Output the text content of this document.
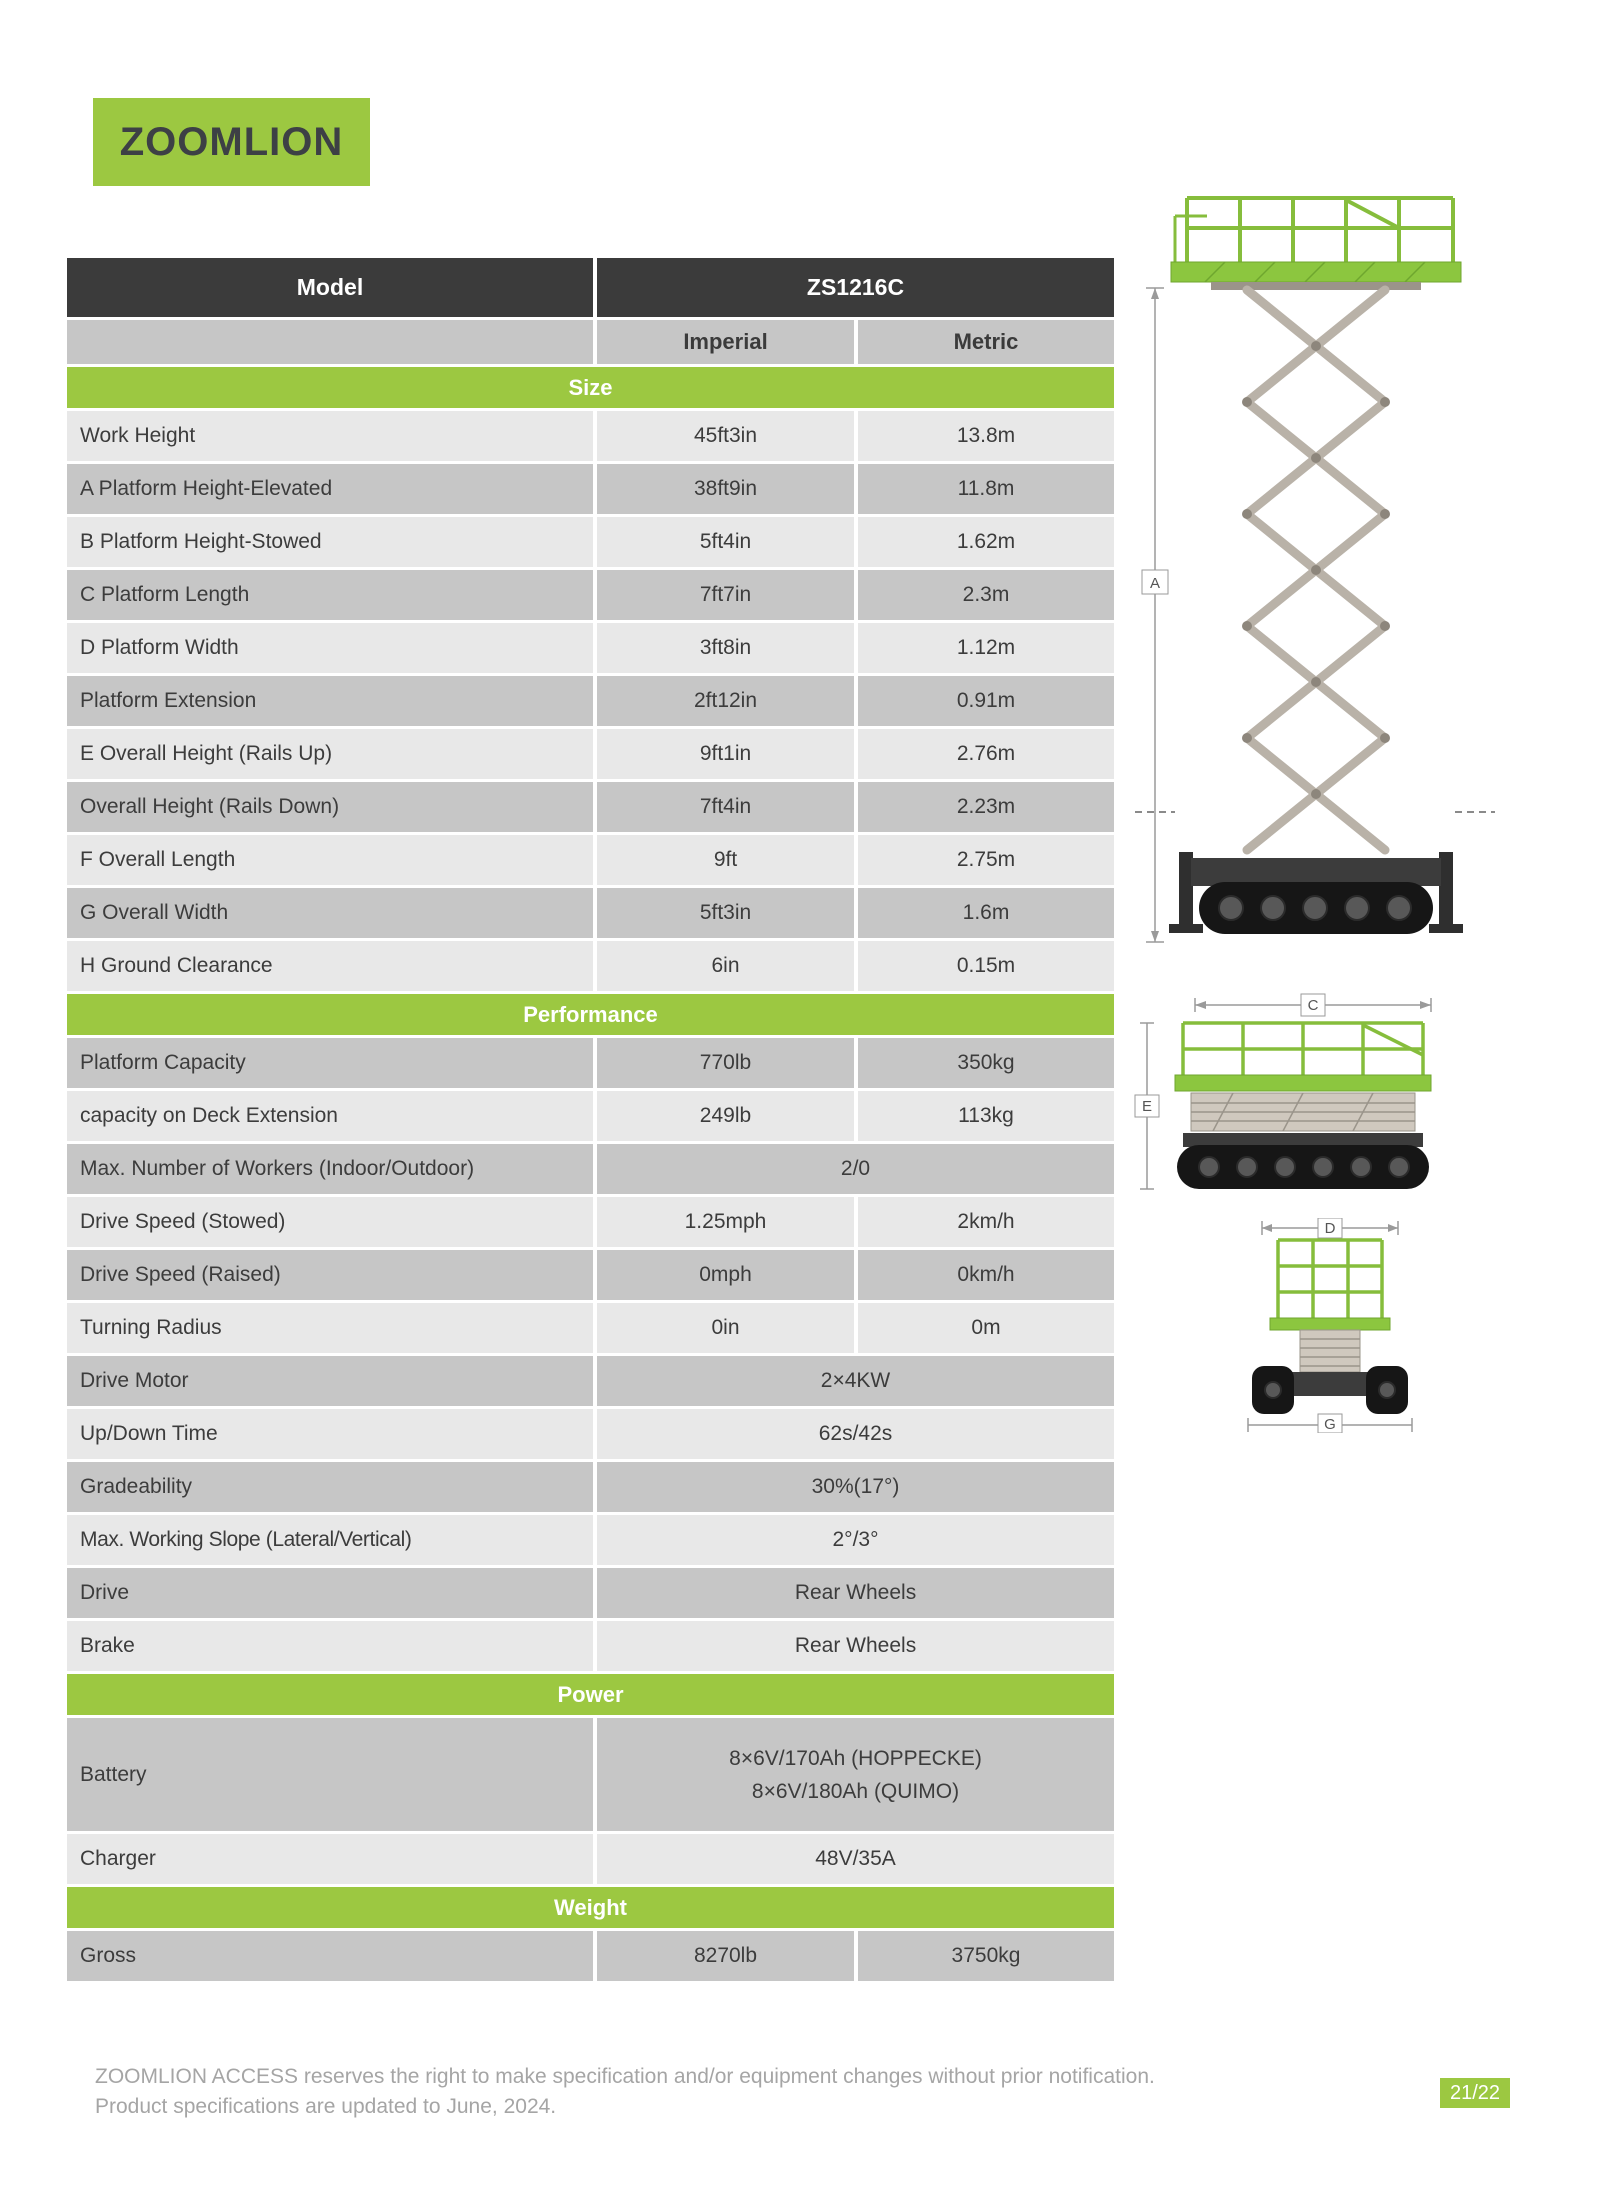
ZOOMLION
Model	ZS1216C	
	Imperial	Metric
Size		
Work Height	45ft3in	13.8m
A Platform Height-Elevated	38ft9in	11.8m
B Platform Height-Stowed	5ft4in	1.62m
C Platform Length	7ft7in	2.3m
D Platform Width	3ft8in	1.12m
Platform Extension	2ft12in	0.91m
E Overall Height (Rails Up)	9ft1in	2.76m
Overall Height (Rails Down)	7ft4in	2.23m
F Overall Length	9ft	2.75m
G Overall Width	5ft3in	1.6m
H Ground Clearance	6in	0.15m
Performance		
Platform Capacity	770lb	350kg
capacity on Deck Extension	249lb	113kg
Max. Number of Workers (Indoor/Outdoor)	2/0	
Drive Speed (Stowed)	1.25mph	2km/h
Drive Speed (Raised)	0mph	0km/h
Turning Radius	0in	0m
Drive Motor	2×4KW	
Up/Down Time	62s/42s	
Gradeability	30%(17°)	
Max. Working Slope (Lateral/Vertical)	2°/3°	
Drive	Rear Wheels	
Brake	Rear Wheels	
Power		
Battery	8×6V/170Ah (HOPPECKE)
8×6V/180Ah (QUIMO)	

Charger	48V/35A	
Weight		
Gross	8270lb	3750kg
A
C
E
D
G
ZOOMLION ACCESS reserves the right to make specification and/or equipment changes without prior notification.
Product specifications are updated to June, 2024.
21/22
